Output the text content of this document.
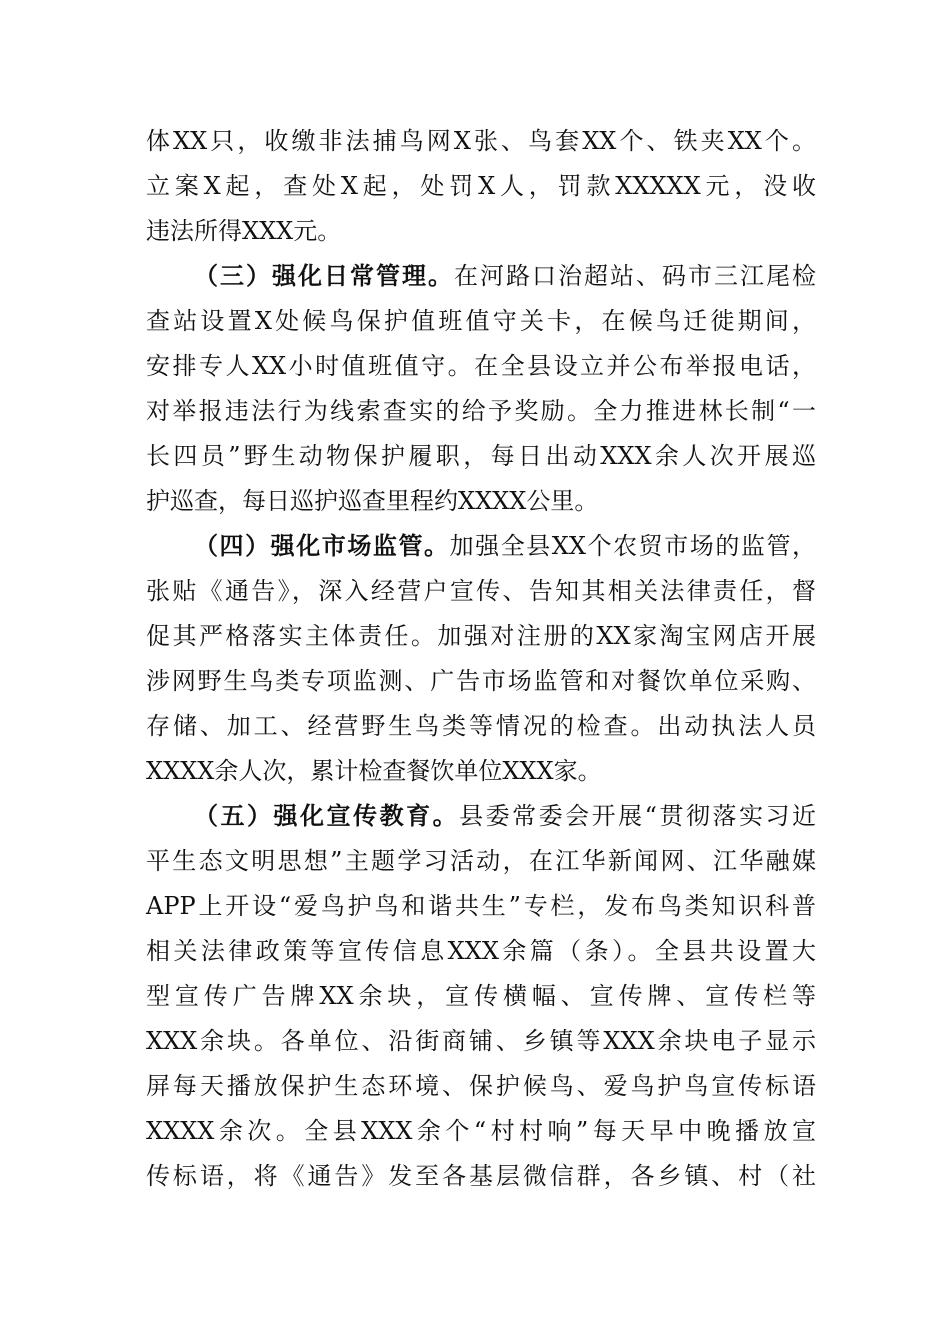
体XX只，收缴非法捕鸟网X张、鸟套XX个、铁夹XX个。
立案X起，查处X起，处罚X人，罚款XXXXX元，没收
违法所得XXX元。
（三）强化日常管理。在河路口治超站、码市三江尾检
查站设置X处候鸟保护值班值守关卡，在候鸟迁徙期间，
安排专人XX小时值班值守。在全县设立并公布举报电话，
对举报违法行为线索查实的给予奖励。全力推进林长制“一
长四员”野生动物保护履职，每日出动XXX余人次开展巡
护巡查，每日巡护巡查里程约XXXX公里。
（四）强化市场监管。加强全县XX个农贸市场的监管，
张贴《通告》，深入经营户宣传、告知其相关法律责任，督
促其严格落实主体责任。加强对注册的XX家淘宝网店开展
涉网野生鸟类专项监测、广告市场监管和对餐饮单位采购、
存储、加工、经营野生鸟类等情况的检查。出动执法人员
XXXX余人次，累计检查餐饮单位XXX家。
（五）强化宣传教育。县委常委会开展“贯彻落实习近
平生态文明思想”主题学习活动，在江华新闻网、江华融媒
APP上开设“爱鸟护鸟和谐共生”专栏，发布鸟类知识科普
相关法律政策等宣传信息XXX余篇（条）。全县共设置大
型宣传广告牌XX余块，宣传横幅、宣传牌、宣传栏等
XXX余块。各单位、沿街商铺、乡镇等XXX余块电子显示
屏每天播放保护生态环境、保护候鸟、爱鸟护鸟宣传标语
XXXX余次。全县XXX余个“村村响”每天早中晚播放宣
传标语，将《通告》发至各基层微信群，各乡镇、村（社
